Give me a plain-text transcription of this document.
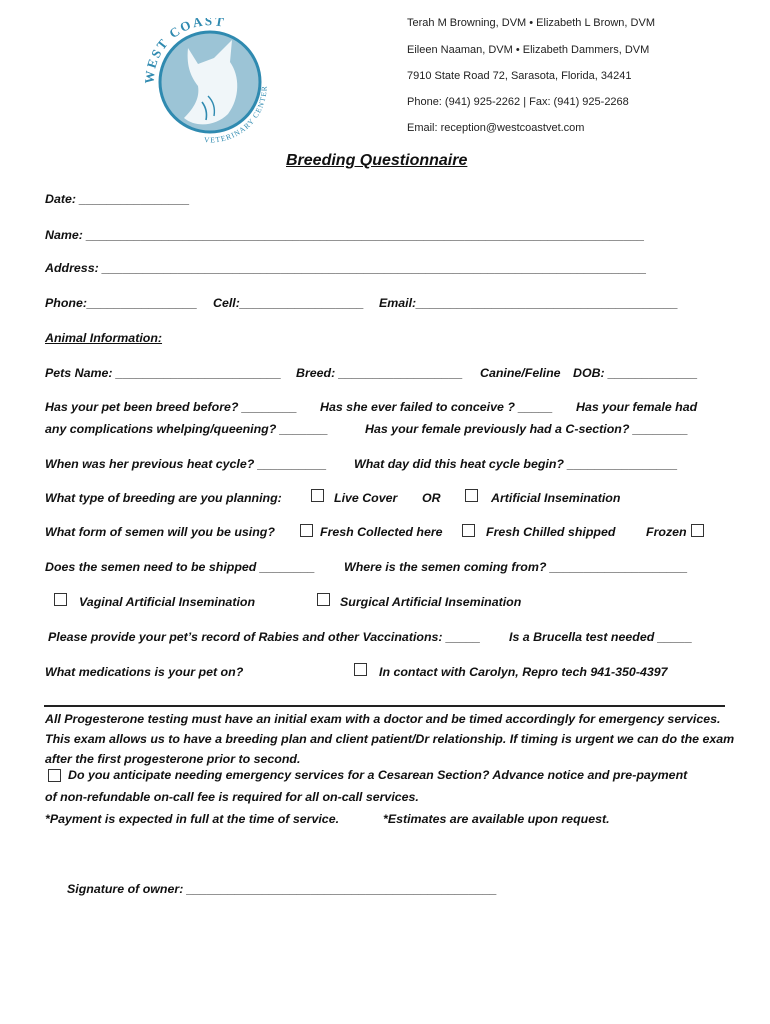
WEST COAST
VETERINARY CENTER
Terah M Browning, DVM • Elizabeth L Brown, DVM
Eileen Naaman, DVM • Elizabeth Dammers, DVM
7910 State Road 72, Sarasota, Florida, 34241
Phone: (941) 925-2262 | Fax: (941) 925-2268
Email: reception@westcoastvet.com
Breeding Questionnaire
Date: ________________
Name: _________________________________________________________________________________
Address: _______________________________________________________________________________
Phone:________________ Cell:__________________ Email:______________________________________
Animal Information:
Pets Name: ________________________ Breed: __________________ Canine/Feline DOB: _____________
Has your pet been breed before? ________ Has she ever failed to conceive ? _____ Has your female had
any complications whelping/queening? _______	Has your female previously had a C-section? ________
When was her previous heat cycle? __________ What day did this heat cycle begin? ________________
What type of breeding are you planning:	Live Cover OR	Artificial Insemination
What form of semen will you be using?	Fresh Collected here	Fresh Chilled shipped Frozen
Does the semen need to be shipped ________ Where is the semen coming from? ____________________
Vaginal Artificial Insemination	Surgical Artificial Insemination
Please provide your pet’s record of Rabies and other Vaccinations: _____ Is a Brucella test needed _____
What medications is your pet on?	In contact with Carolyn, Repro tech 941-350-4397
All Progesterone testing must have an initial exam with a doctor and be timed accordingly for emergency services. This exam allows us to have a breeding plan and client patient/Dr relationship. If timing is urgent we can do the exam after the first progesterone prior to second.
Do you anticipate needing emergency services for a Cesarean Section? Advance notice and pre-payment
of non-refundable on-call fee is required for all on-call services.
*Payment is expected in full at the time of service.	*Estimates are available upon request.
Signature of owner: _____________________________________________
